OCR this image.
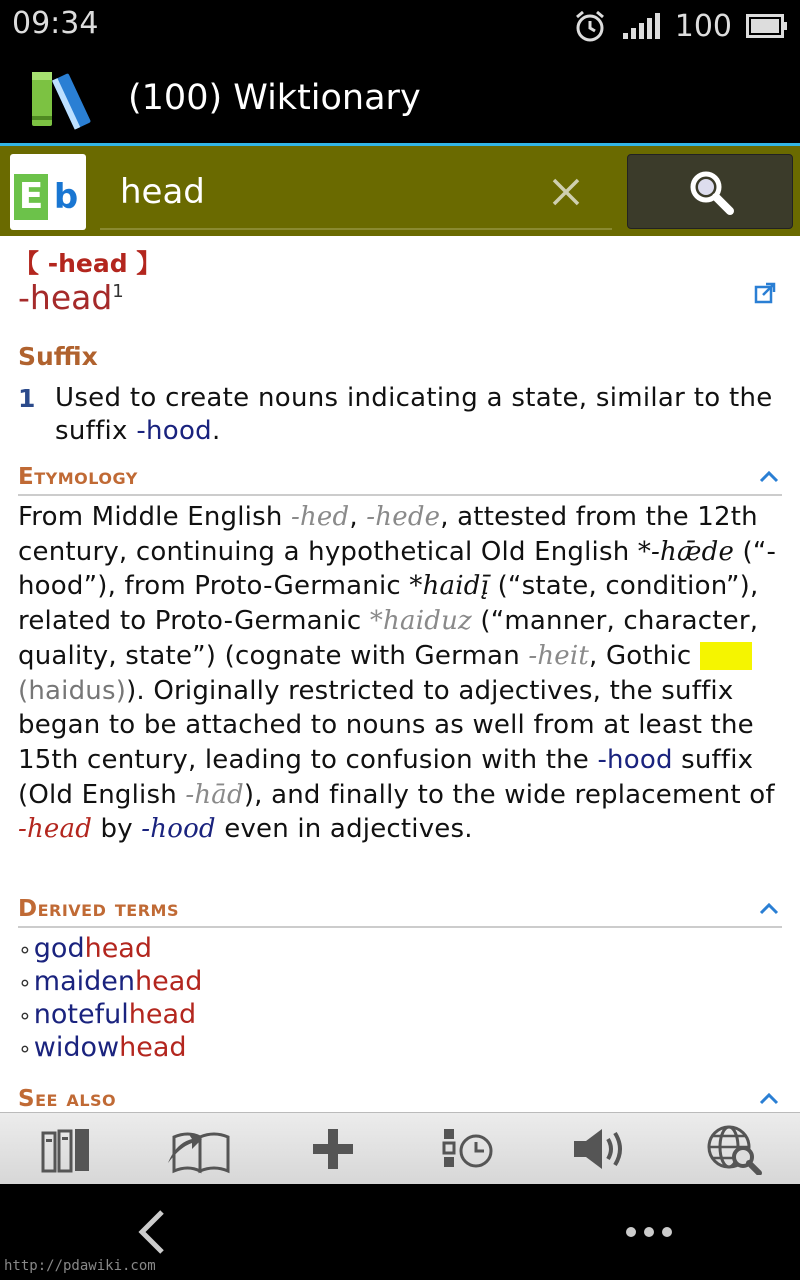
09:34	100
(100) Wiktionary
E b
head
【 -head 】
-head$^1$
Suffix
1 Used to create nouns indicating a state, similar to the suffix -hood.
Etymology
From Middle English -hed, -hede, attested from the 12th century, continuing a hypothetical Old English *-hǣde (“-hood”), from Proto-Germanic *haidį̄ (“state, condition”), related to Proto-Germanic *haiduz (“manner, character, quality, state”) (cognate with German -heit, Gothic (haidus)). Originally restricted to adjectives, the suffix began to be attached to nouns as well from at least the 15th century, leading to confusion with the -hood suffix (Old English -hād), and finally to the wide replacement of -head by -hood even in adjectives.
Derived terms
∘godhead
∘maidenhead
∘notefulhead
∘widowhead
See also
http://pdawiki.com
